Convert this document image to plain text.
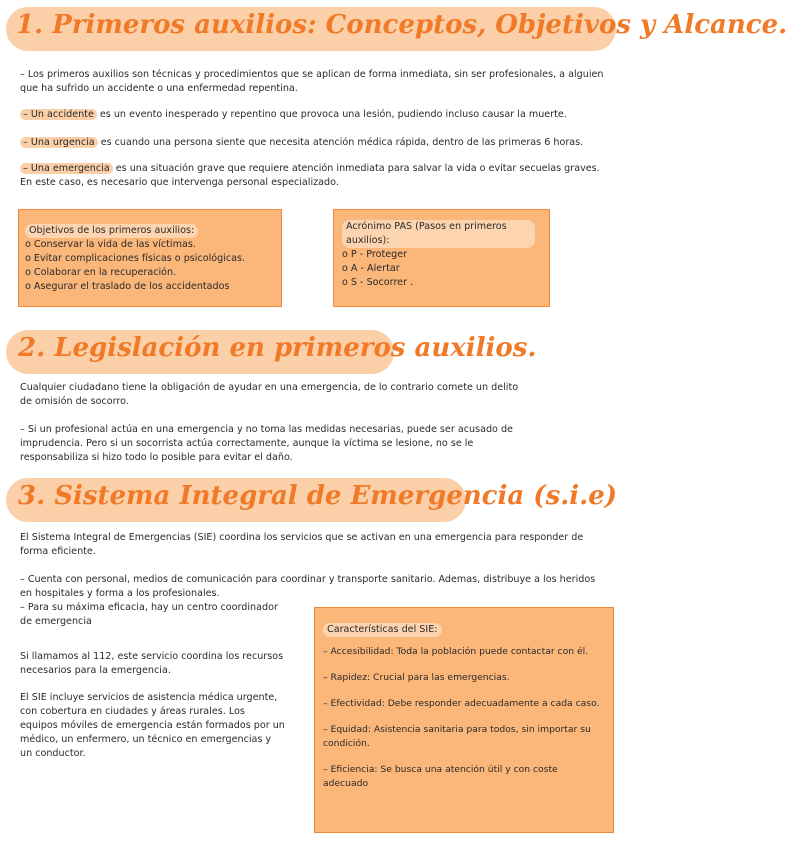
1. Primeros auxilios: Conceptos, Objetivos y Alcance.

– Los primeros auxilios son técnicas y procedimientos que se aplican de forma inmediata, sin ser profesionales, a alguien que ha sufrido un accidente o una enfermedad repentina.

– Un accidente es un evento inesperado y repentino que provoca una lesión, pudiendo incluso causar la muerte.

– Una urgencia es cuando una persona siente que necesita atención médica rápida, dentro de las primeras 6 horas.

– Una emergencia es una situación grave que requiere atención inmediata para salvar la vida o evitar secuelas graves. En este caso, es necesario que intervenga personal especializado.

Objetivos de los primeros auxilios:
o Conservar la vida de las víctimas.
o Evitar complicaciones físicas o psicológicas.
o Colaborar en la recuperación.
o Asegurar el traslado de los accidentados
Acrónimo PAS (Pasos en primeros auxilios):
o P - Proteger
o A - Alertar
o S - Socorrer .
2. Legislación en primeros auxilios.

Cualquier ciudadano tiene la obligación de ayudar en una emergencia, de lo contrario comete un delito de omisión de socorro.

– Si un profesional actúa en una emergencia y no toma las medidas necesarias, puede ser acusado de imprudencia. Pero si un socorrista actúa correctamente, aunque la víctima se lesione, no se le responsabiliza si hizo todo lo posible para evitar el daño.

3. Sistema Integral de Emergencia (s.i.e)

El Sistema Integral de Emergencias (SIE) coordina los servicios que se activan en una emergencia para responder de forma eficiente.

– Cuenta con personal, medios de comunicación para coordinar y transporte sanitario. Ademas, distribuye a los heridos en hospitales y forma a los profesionales.

– Para su máxima eficacia, hay un centro coordinador de emergencia

Si llamamos al 112, este servicio coordina los recursos necesarios para la emergencia.

El SIE incluye servicios de asistencia médica urgente, con cobertura en ciudades y áreas rurales. Los equipos móviles de emergencia están formados por un médico, un enfermero, un técnico en emergencias y un conductor.

Características del SIE:

– Accesibilidad: Toda la población puede contactar con él.

– Rapidez: Crucial para las emergencias.

– Efectividad: Debe responder adecuadamente a cada caso.

– Equidad: Asistencia sanitaria para todos, sin importar su condición.

– Eficiencia: Se busca una atención útil y con coste adecuado
